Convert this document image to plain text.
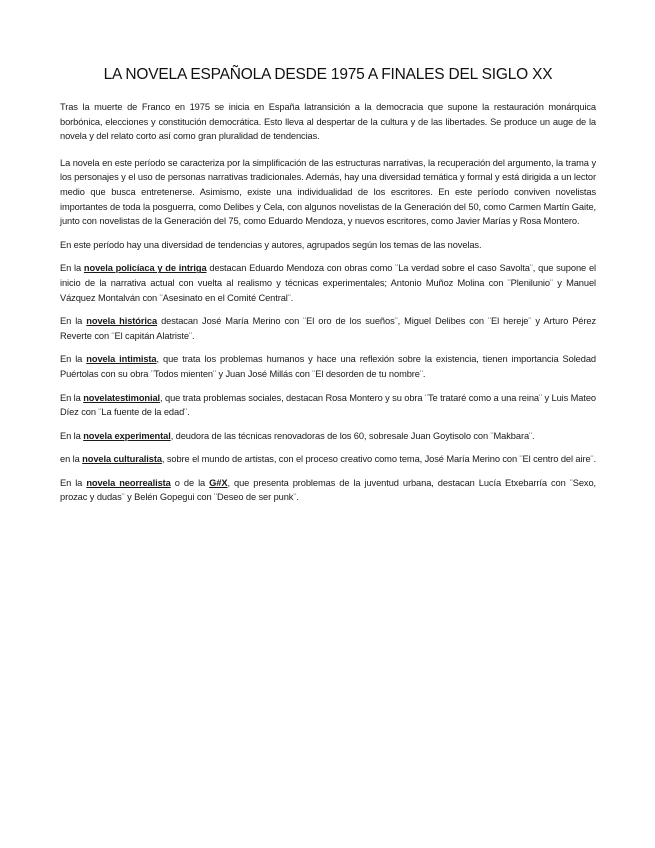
LA NOVELA ESPAÑOLA DESDE 1975 A FINALES DEL SIGLO XX

Tras la muerte de Franco en 1975 se inicia en España latransición a la democracia que supone la restauración monárquica borbónica, elecciones y constitución democrática. Esto lleva al despertar de la cultura y de las libertades. Se produce un auge de la novela y del relato corto así como gran pluralidad de tendencias.

La novela en este período se caracteriza por la simplificación de las estructuras narrativas, la recuperación del argumento, la trama y los personajes y el uso de personas narrativas tradicionales. Además, hay una diversidad temática y formal y está dirigida a un lector medio que busca entretenerse. Asimismo, existe una individualidad de los escritores. En este período conviven novelistas importantes de toda la posguerra, como Delibes y Cela, con algunos novelistas de la Generación del 50, como Carmen Martín Gaite, junto con novelistas de la Generación del 75, como Eduardo Mendoza, y nuevos escritores, como Javier Marías y Rosa Montero.

En este período hay una diversidad de tendencias y autores, agrupados según los temas de las novelas.

En la novela policíaca y de intriga destacan Eduardo Mendoza con obras como ¨La verdad sobre el caso Savolta¨, que supone el inicio de la narrativa actual con vuelta al realismo y técnicas experimentales; Antonio Muñoz Molina con ¨Plenilunio¨ y Manuel Vázquez Montalván con ¨Asesinato en el Comité Central¨.

En la novela histórica destacan José María Merino con ¨El oro de los sueños¨, Miguel Delibes con ¨El hereje¨ y Arturo Pérez Reverte con ¨El capitán Alatriste¨.

En la novela intimista, que trata los problemas humanos y hace una reflexión sobre la existencia, tienen importancia Soledad Puértolas con su obra ¨Todos mienten¨ y Juan José Millás con ¨El desorden de tu nombre¨.

En la novelatestimonial, que trata problemas sociales, destacan Rosa Montero y su obra ¨Te trataré como a una reina¨ y Luis Mateo Díez con ¨La fuente de la edad¨.

En la novela experimental, deudora de las técnicas renovadoras de los 60, sobresale Juan Goytisolo con ¨Makbara¨.

en la novela culturalista, sobre el mundo de artistas, con el proceso creativo como tema, José María Merino con ¨El centro del aire¨.

En la novela neorrealista o de la G#X, que presenta problemas de la juventud urbana, destacan Lucía Etxebarría con ¨Sexo, prozac y dudas¨ y Belén Gopegui con ¨Deseo de ser punk¨.
